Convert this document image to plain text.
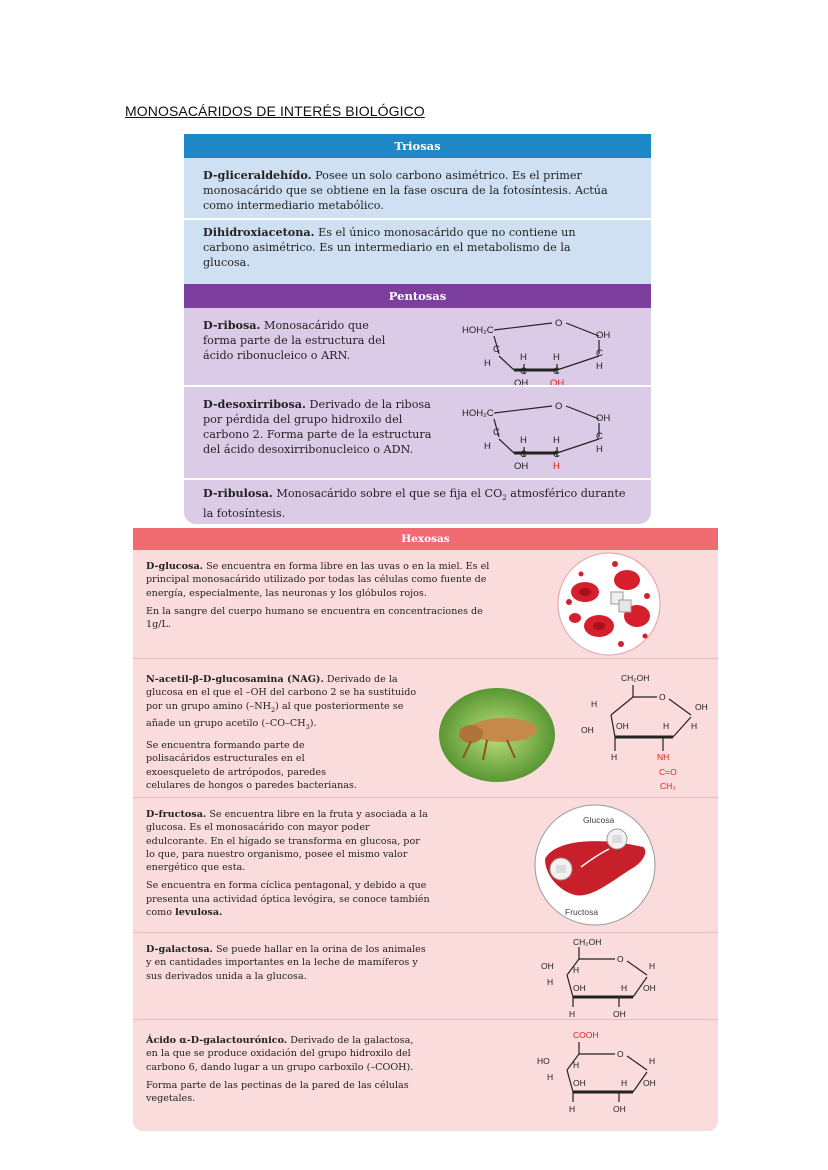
MONOSACÁRIDOS DE INTERÉS BIOLÓGICO
Triosas
D-gliceraldehído. Posee un solo carbono asimétrico. Es el primer monosacárido que se obtiene en la fase oscura de la fotosíntesis. Actúa como intermediario metabólico.
Dihidroxiacetona. Es el único monosacárido que no contiene un carbono asimétrico. Es un intermediario en el metabolismo de la glucosa.
Pentosas
D-ribosa. Monosacárido que forma parte de la estructura del ácido ribonucleico o ARN.
HOH₂C
O
OH
C
H
C
H
H	H
C	C
OH OH
D-desoxirribosa. Derivado de la ribosa por pérdida del grupo hidroxilo del carbono 2. Forma parte de la estructura del ácido desoxirribonucleico o ADN.
HOH₂C
O
OH
C
H
C
H
H	H
C	C
OH	H
D-ribulosa. Monosacárido sobre el que se fija el $CO_2$ atmosférico durante la fotosíntesis.
Hexosas
D-glucosa. Se encuentra en forma libre en las uvas o en la miel. Es el principal monosacárido utilizado por todas las células como fuente de energía, especialmente, las neuronas y los glóbulos rojos.
En la sangre del cuerpo humano se encuentra en concentraciones de 1g/L.
N-acetil-β-D-glucosamina (NAG). Derivado de la glucosa en el que el –OH del carbono 2 se ha sustituido por un grupo amino $(-NH_2)$ al que posteriormente se añade un grupo acetilo $(-CO-CH_3)$.
Se encuentra formando parte de polisacáridos estructurales en el exoesqueleto de artrópodos, paredes celulares de hongos o paredes bacterianas.
CH₂OH
O
H	OH
OH	OH	H	H
H	NH
C=O
CH₃
D-fructosa. Se encuentra libre en la fruta y asociada a la glucosa. Es el monosacárido con mayor poder edulcorante. En el hígado se transforma en glucosa, por lo que, para nuestro organismo, posee el mismo valor energético que esta.
Se encuentra en forma cíclica pentagonal, y debido a que presenta una actividad óptica levógira, se conoce también como levulosa.
Glucosa
Fructosa
D-galactosa. Se puede hallar en la orina de los animales y en cantidades importantes en la leche de mamíferos y sus derivados unida a la glucosa.
CH₂OH
O
OH H	H
H
OH	H OH
H	OH
Ácido α-D-galactourónico. Derivado de la galactosa, en la que se produce oxidación del grupo hidroxilo del carbono 6, dando lugar a un grupo carboxilo (–COOH).
Forma parte de las pectinas de la pared de las células vegetales.
COOH
O
HO	H	H
H
OH	H OH
H	OH
